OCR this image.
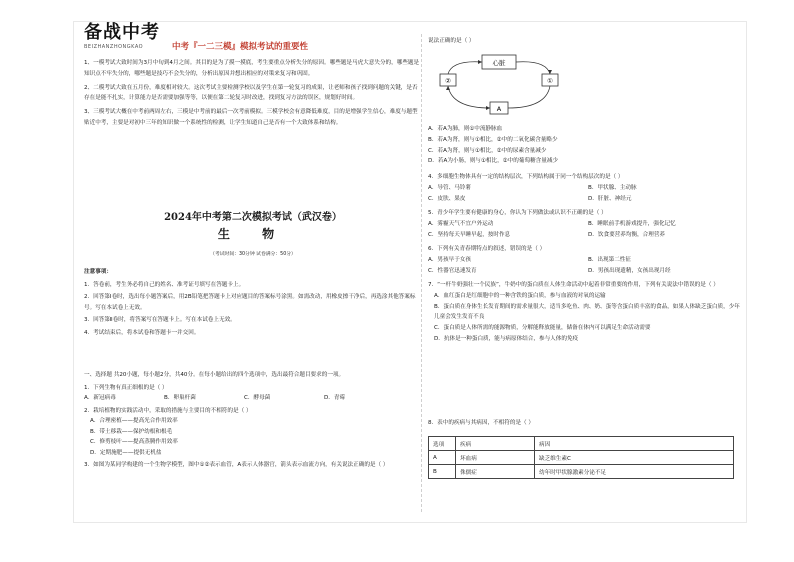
备战中考
BEIZHANZHONGKAO	中考『一二三模』模拟考试的重要性

1、一模考试大致时间为3月中旬到4月之间。其目的是为了摸一摸底，考生要重点分析失分的原因。哪些题是马虎大意失分的，哪些题是知识点不牢失分的，哪些题是技巧不会失分的，分析出原因并想出相应的对策来复习和巩固。

2、二模考试大致在五月份，难度相对较大。这次考试主要检测学校以及学生在第一轮复习的成果，让老师和孩子找到问题的关键，是否存在是能不扎实，计算能力是否需要加强等等，以便在第二轮复习时改进，找到复习方法的误区，规划好时间。

3、三模考试大概在中考前两周左右，三模是中考前的最后一次考前模拟。三模学校会有意降低难度，目的是增强学生信心，难度与题型贴近中考，主要是对初中三年的知识做一个系统性的检测，让学生知道自己是否有一个大致体系和结构。

2024年中考第二次模拟考试（武汉卷）
生 物
（考试时间：30分钟 试卷满分：50分）

注意事项：

1．答卷前，考生务必将自己的姓名、准考证号填写在答题卡上。

2．回答第Ⅰ卷时，选出每小题答案后，用2B铅笔把答题卡上对应题目的答案标号涂黑。如需改动，用橡皮擦干净后，再选涂其他答案标号。写在本试卷上无效。

3．回答第Ⅱ卷时，将答案写在答题卡上。写在本试卷上无效。

4．考试结束后，将本试卷和答题卡一并交回。

一、选择题 共20小题，每小题2分，共40分。在每小题给出的四个选项中，选出最符合题目要求的一项。
1．下列生物有真正细根的是（ ）
A．新冠病毒	B．卵巢杆菌	C．酵母菌	D．青霉
2．栽培植物的实践活动中，采取的措施与主要目的不相符的是（ ）
A．合理密植——提高光合作用效率
B．带土移栽——保护幼根和根毛
C．修剪枝叶——提高蒸腾作用效率
D．定期施肥——提供无机盐
3．如图为某同学构建的一个生物学模型，图中①②表示血管，A表示人体器官，箭头表示血流方向，有关说法正确的是（ ）

说法正确的是（ ）

心脏
②	①
A

A．若A为肺，则①中流静脉血

B．若A为肾，则与①相比，②中的二氧化碳含量略少

C．若A为肾，则与①相比，②中的尿素含量减少

D．若A为小肠，则与①相比，②中的葡萄糖含量减少

4．多细胞生物体具有一定的结构层次，下列结构属于同一个结构层次的是（ ）

A．导管、马铃薯	B．甲状腺、主动脉
C．皮肤、果皮	D．肝脏、神经元

5．青少年学生要有健康的身心，你认为下列做法或认识不正确的是（ ）

A．雾霾天气不宜户外运动	B．睡眠前手机游戏提升，强化记忆
C．坚持每天早睡早起，按时作息	D．饮食要营养均衡，合理营养

6．下列有关青春期特点的叙述，错误的是（ ）

A．男孩早于女孩	B．出现第二性征
C．性器官迅速发育	D．男孩出现遗精，女孩出现月经

7．“一杆牛奶强壮一个民族”，牛奶中的蛋白质在人体生命活动中起着非常重要的作用，下列有关说法中错误的是（ ）

A．血红蛋白是红细胞中的一种含铁的蛋白质，参与血液的对氧的运输

B．蛋白质在身体生长发育期间的需求量很大，适当多吃鱼、肉、奶、蛋等含蛋白质丰富的食品，如果人体缺乏蛋白质，少年儿童会发生发育不良

C．蛋白质是人体所需的能源物质，分解能释放能量，储备在体内可以满足生命活动需要

D．抗体是一种蛋白质，能与病原体结合，参与人体的免疫

8．表中的疾病与其病因，不相符的是（ ）

选项	疾病	病因
A	坏血病	缺乏维生素C
B	侏儒症	幼年时甲状腺激素分泌不足
